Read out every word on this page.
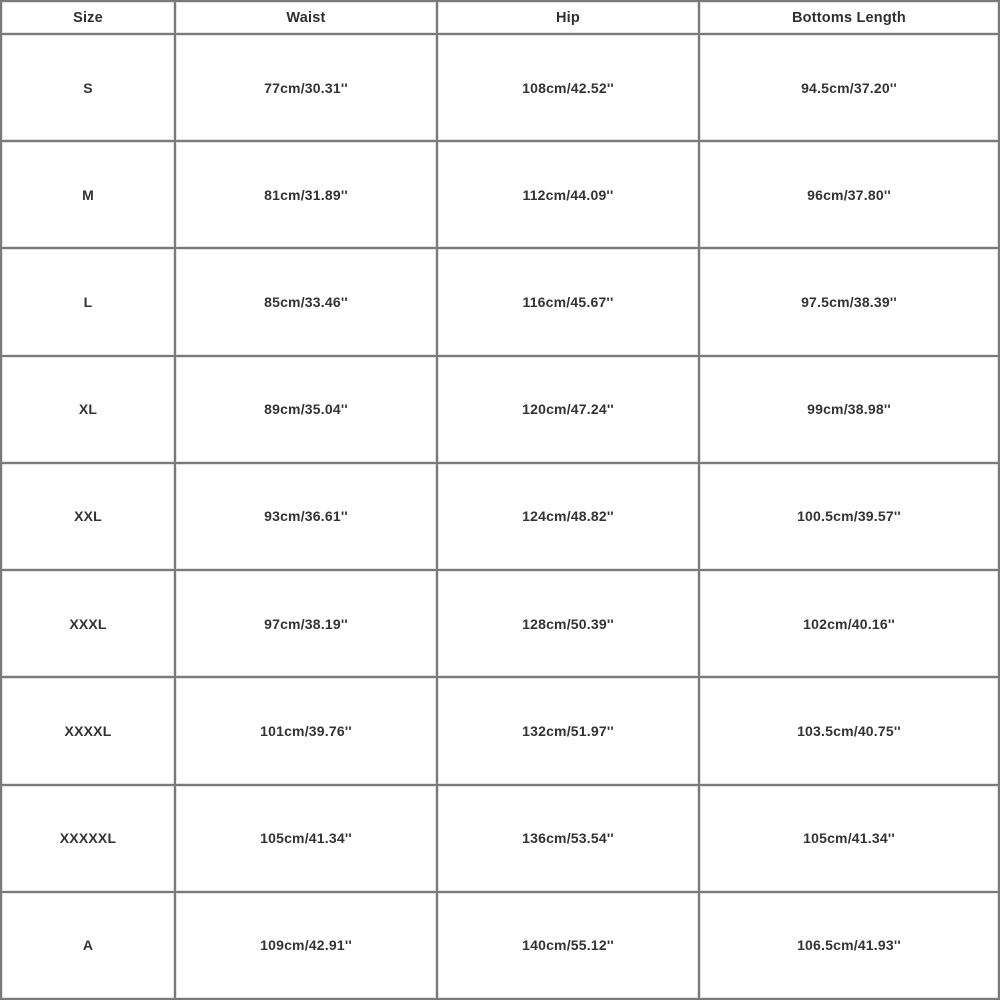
Size	Waist	Hip	Bottoms Length
S	77cm/30.31''	108cm/42.52''	94.5cm/37.20''
M	81cm/31.89''	112cm/44.09''	96cm/37.80''
L	85cm/33.46''	116cm/45.67''	97.5cm/38.39''
XL	89cm/35.04''	120cm/47.24''	99cm/38.98''
XXL	93cm/36.61''	124cm/48.82''	100.5cm/39.57''
XXXL	97cm/38.19''	128cm/50.39''	102cm/40.16''
XXXXL	101cm/39.76''	132cm/51.97''	103.5cm/40.75''
XXXXXL	105cm/41.34''	136cm/53.54''	105cm/41.34''
A	109cm/42.91''	140cm/55.12''	106.5cm/41.93''
